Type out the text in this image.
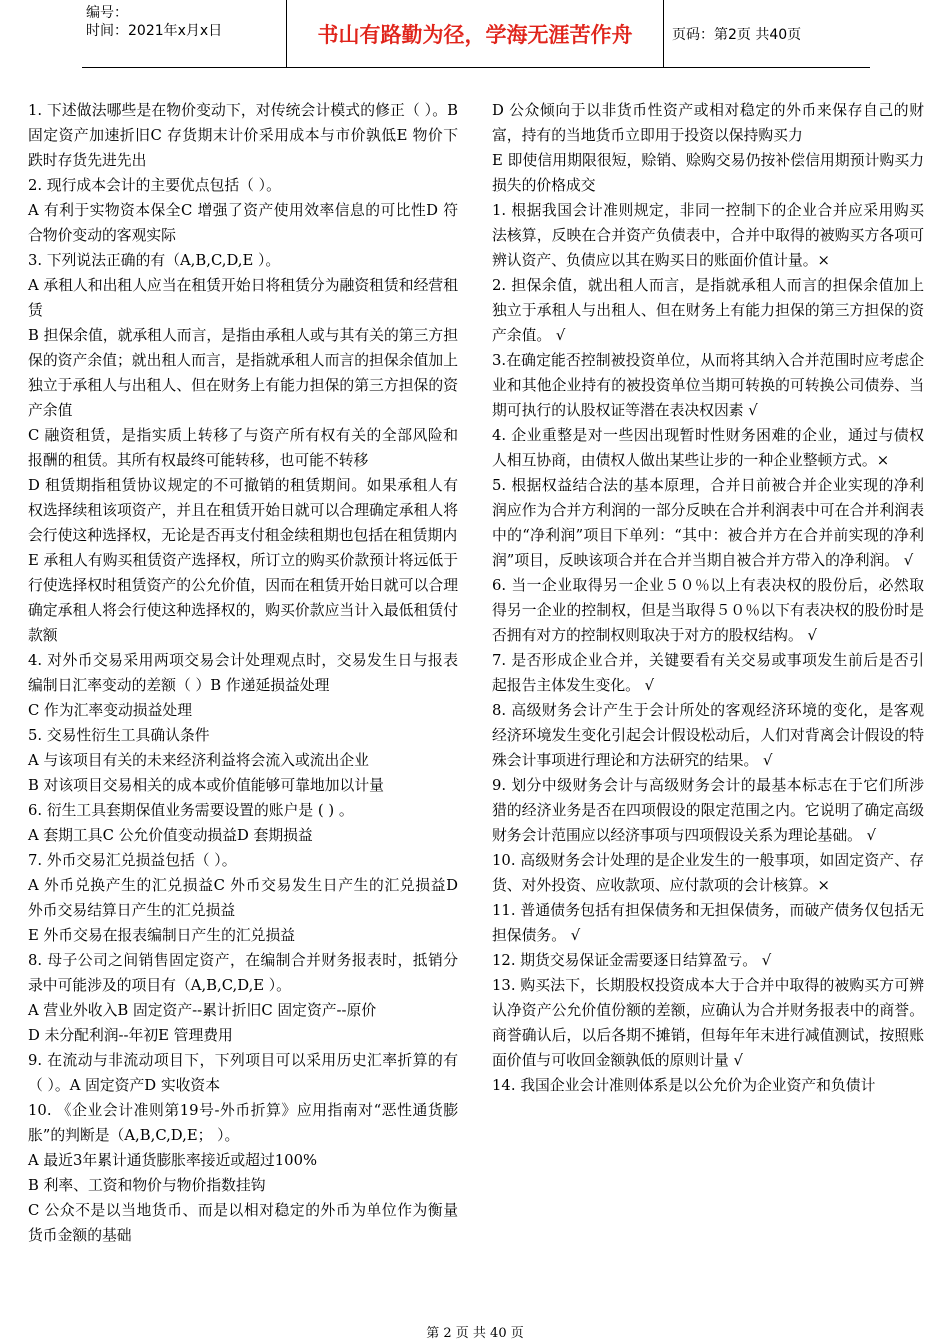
编号：
时间：2021年x月x日	书山有路勤为径，学海无涯苦作舟	页码：第2页 共40页

1. 下述做法哪些是在物价变动下，对传统会计模式的修正（ ）。B 固定资产加速折旧C 存货期末计价采用成本与市价孰低E 物价下跌时存货先进先出

2. 现行成本会计的主要优点包括（ ）。

A 有利于实物资本保全C 增强了资产使用效率信息的可比性D 符合物价变动的客观实际

3. 下列说法正确的有（A,B,C,D,E ）。

A 承租人和出租人应当在租赁开始日将租赁分为融资租赁和经营租赁

B 担保余值，就承租人而言，是指由承租人或与其有关的第三方担保的资产余值；就出租人而言，是指就承租人而言的担保余值加上独立于承租人与出租人、但在财务上有能力担保的第三方担保的资产余值

C 融资租赁，是指实质上转移了与资产所有权有关的全部风险和报酬的租赁。其所有权最终可能转移，也可能不转移

D 租赁期指租赁协议规定的不可撤销的租赁期间。如果承租人有权选择续租该项资产，并且在租赁开始日就可以合理确定承租人将会行使这种选择权，无论是否再支付租金续租期也包括在租赁期内

E 承租人有购买租赁资产选择权，所订立的购买价款预计将远低于行使选择权时租赁资产的公允价值，因而在租赁开始日就可以合理确定承租人将会行使这种选择权的，购买价款应当计入最低租赁付款额

4. 对外币交易采用两项交易会计处理观点时，交易发生日与报表编制日汇率变动的差额（ ）B 作递延损益处理

C 作为汇率变动损益处理

5. 交易性衍生工具确认条件

A 与该项目有关的未来经济利益将会流入或流出企业

B 对该项目交易相关的成本或价值能够可靠地加以计量

6. 衍生工具套期保值业务需要设置的账户是 ( ) 。

A 套期工具C 公允价值变动损益D 套期损益

7. 外币交易汇兑损益包括（ ）。

A 外币兑换产生的汇兑损益C 外币交易发生日产生的汇兑损益D 外币交易结算日产生的汇兑损益

E 外币交易在报表编制日产生的汇兑损益

8. 母子公司之间销售固定资产，在编制合并财务报表时，抵销分录中可能涉及的项目有（A,B,C,D,E ）。

A 营业外收入B 固定资产--累计折旧C 固定资产--原价

D 未分配利润--年初E 管理费用

9. 在流动与非流动项目下，下列项目可以采用历史汇率折算的有（ ）。A 固定资产D 实收资本

10. 《企业会计准则第19号-外币折算》应用指南对“恶性通货膨胀”的判断是（A,B,C,D,E； ）。

A 最近3年累计通货膨胀率接近或超过100%

B 利率、工资和物价与物价指数挂钩

C 公众不是以当地货币、而是以相对稳定的外币为单位作为衡量货币金额的基础

D 公众倾向于以非货币性资产或相对稳定的外币来保存自己的财富，持有的当地货币立即用于投资以保持购买力

E 即使信用期限很短，赊销、赊购交易仍按补偿信用期预计购买力损失的价格成交

1. 根据我国会计准则规定，非同一控制下的企业合并应采用购买法核算，反映在合并资产负债表中，合并中取得的被购买方各项可辨认资产、负债应以其在购买日的账面价值计量。×

2. 担保余值，就出租人而言，是指就承租人而言的担保余值加上独立于承租人与出租人、但在财务上有能力担保的第三方担保的资产余值。 √

3.在确定能否控制被投资单位，从而将其纳入合并范围时应考虑企业和其他企业持有的被投资单位当期可转换的可转换公司债券、当期可执行的认股权证等潜在表决权因素 √

4. 企业重整是对一些因出现暂时性财务困难的企业，通过与债权人相互协商，由债权人做出某些让步的一种企业整顿方式。×

5. 根据权益结合法的基本原理，合并日前被合并企业实现的净利润应作为合并方利润的一部分反映在合并利润表中可在合并利润表中的“净利润”项目下单列：“其中：被合并方在合并前实现的净利润”项目，反映该项合并在合并当期自被合并方带入的净利润。 √

6. 当一企业取得另一企业５０％以上有表决权的股份后，必然取得另一企业的控制权，但是当取得５０％以下有表决权的股份时是否拥有对方的控制权则取决于对方的股权结构。 √

7. 是否形成企业合并，关键要看有关交易或事项发生前后是否引起报告主体发生变化。 √

8. 高级财务会计产生于会计所处的客观经济环境的变化，是客观经济环境发生变化引起会计假设松动后，人们对背离会计假设的特殊会计事项进行理论和方法研究的结果。 √

9. 划分中级财务会计与高级财务会计的最基本标志在于它们所涉猎的经济业务是否在四项假设的限定范围之内。它说明了确定高级财务会计范围应以经济事项与四项假设关系为理论基础。 √

10. 高级财务会计处理的是企业发生的一般事项，如固定资产、存货、对外投资、应收款项、应付款项的会计核算。×

11. 普通债务包括有担保债务和无担保债务，而破产债务仅包括无担保债务。 √

12. 期货交易保证金需要逐日结算盈亏。 √

13. 购买法下，长期股权投资成本大于合并中取得的被购买方可辨认净资产公允价值份额的差额，应确认为合并财务报表中的商誉。商誉确认后，以后各期不摊销，但每年年末进行减值测试，按照账面价值与可收回金额孰低的原则计量 √

14. 我国企业会计准则体系是以公允价为企业资产和负债计

第 2 页 共 40 页
